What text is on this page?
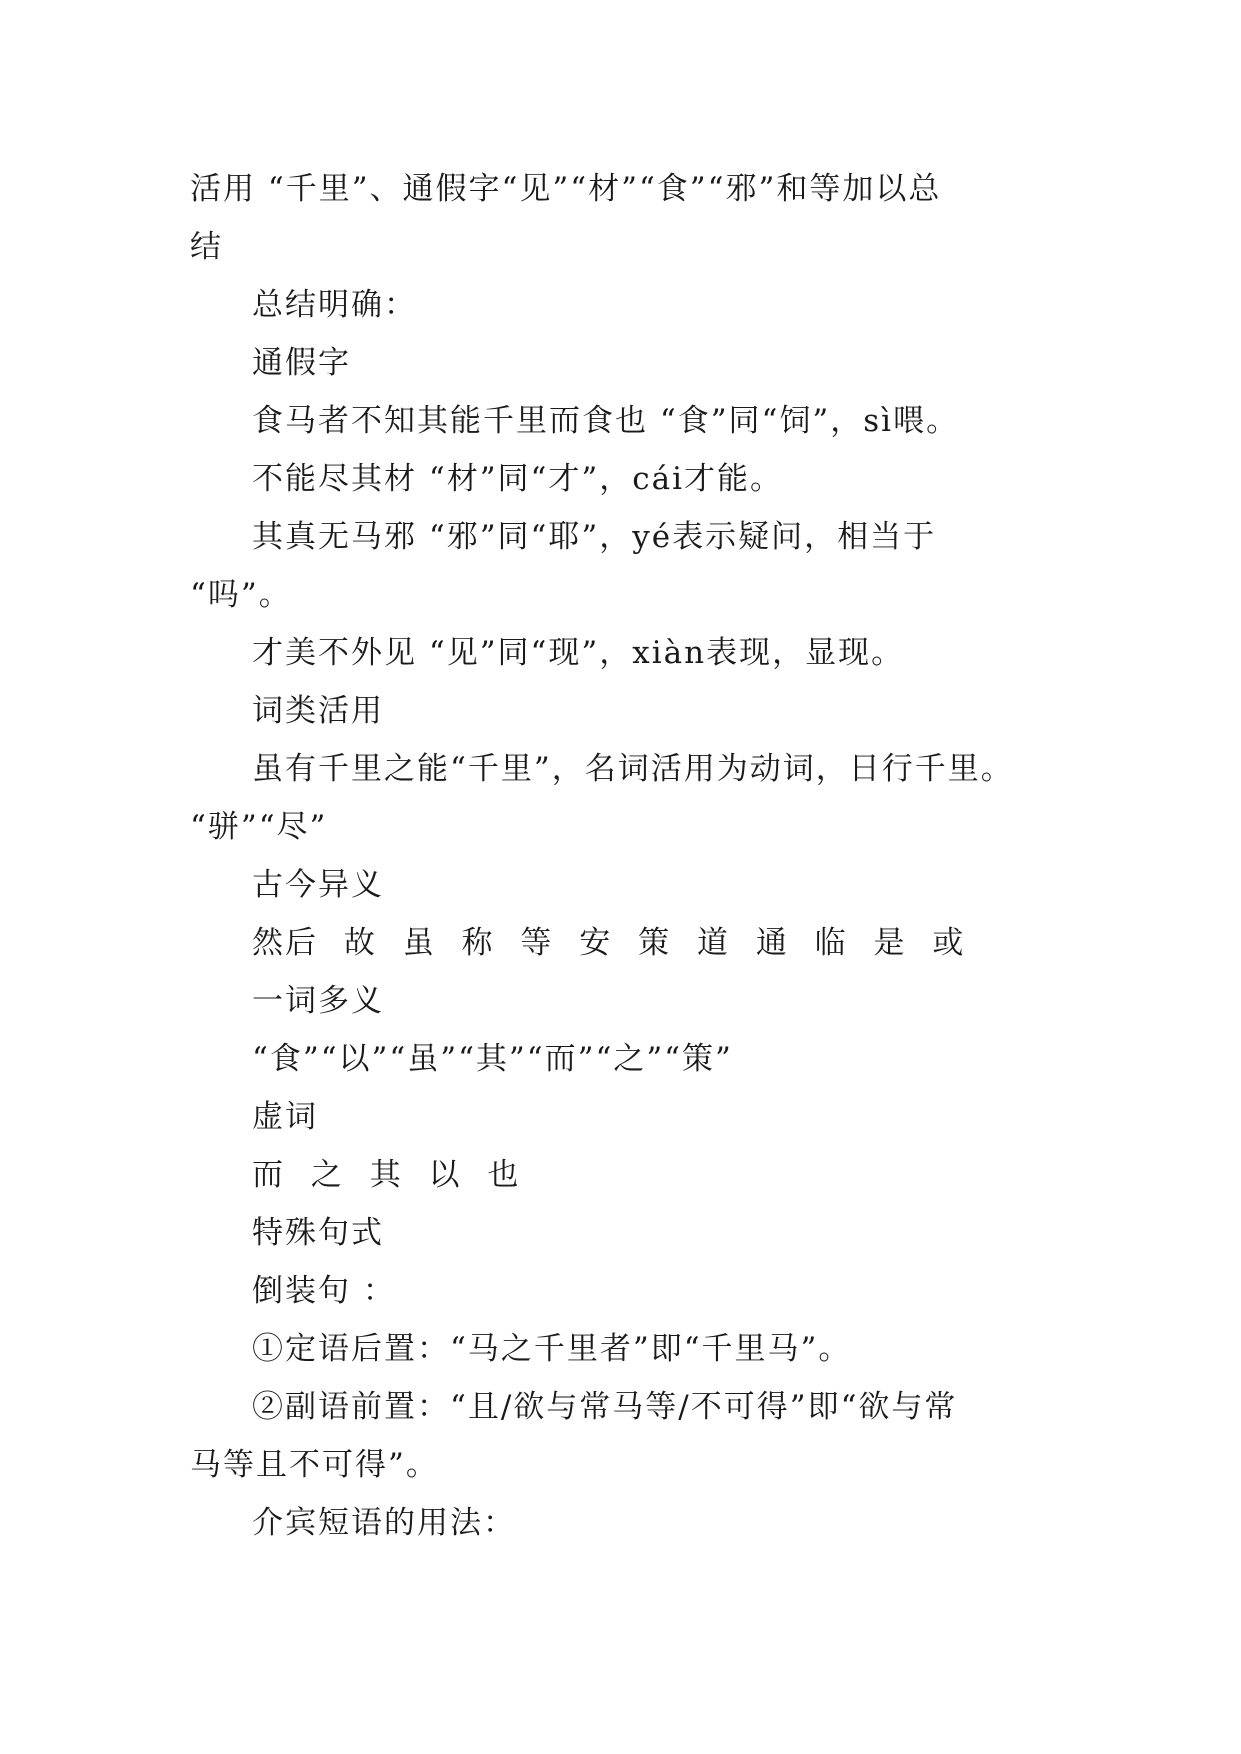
活用 “千里”、通假字“见”“材”“食”“邪”和等加以总
结
总结明确：
通假字
食马者不知其能千里而食也 “食”同“饲”，sì喂。
不能尽其材 “材”同“才”，cái才能。
其真无马邪 “邪”同“耶”，yé表示疑问，相当于
“吗”。
才美不外见 “见”同“现”，xiàn表现，显现。
词类活用
虽有千里之能“千里”，名词活用为动词，日行千里。
“骈”“尽”
古今异义
然后 故 虽 称 等 安 策 道 通 临 是 或
一词多义
“食”“以”“虽”“其”“而”“之”“策”
虚词
而 之 其 以 也
特殊句式
倒装句 ：
①定语后置：“马之千里者”即“千里马”。
②副语前置：“且/欲与常马等/不可得”即“欲与常
马等且不可得”。
介宾短语的用法：
